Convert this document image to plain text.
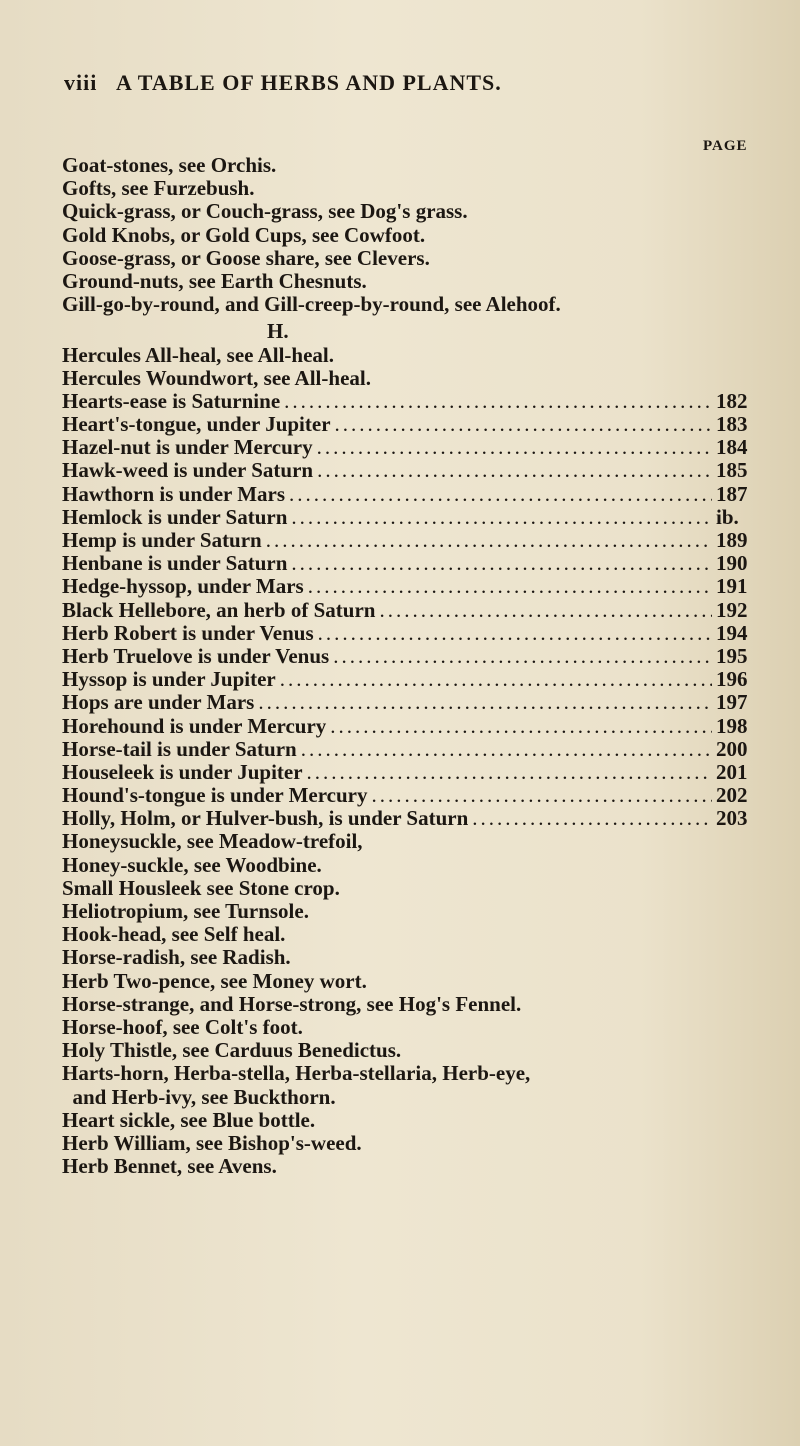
viii A TABLE OF HERBS AND PLANTS.
PAGE
Goat-stones, see Orchis.
Gofts, see Furzebush.
Quick-grass, or Couch-grass, see Dog's grass.
Gold Knobs, or Gold Cups, see Cowfoot.
Goose-grass, or Goose share, see Clevers.
Ground-nuts, see Earth Chesnuts.
Gill-go-by-round, and Gill-creep-by-round, see Alehoof.
H.
Hercules All-heal, see All-heal.
Hercules Woundwort, see All-heal.
Hearts-ease is Saturnine .....	182
Heart's-tongue, under Jupiter .....	183
Hazel-nut is under Mercury .....	184
Hawk-weed is under Saturn .....	185
Hawthorn is under Mars .....	187
Hemlock is under Saturn .....	ib.
Hemp is under Saturn .....	189
Henbane is under Saturn .....	190
Hedge-hyssop, under Mars .....	191
Black Hellebore, an herb of Saturn .....	192
Herb Robert is under Venus .....	194
Herb Truelove is under Venus .....	195
Hyssop is under Jupiter .....	196
Hops are under Mars .....	197
Horehound is under Mercury .....	198
Horse-tail is under Saturn .....	200
Houseleek is under Jupiter .....	201
Hound's-tongue is under Mercury .....	202
Holly, Holm, or Hulver-bush, is under Saturn .....	203
Honeysuckle, see Meadow-trefoil,
Honey-suckle, see Woodbine.
Small Housleek see Stone crop.
Heliotropium, see Turnsole.
Hook-head, see Self heal.
Horse-radish, see Radish.
Herb Two-pence, see Money wort.
Horse-strange, and Horse-strong, see Hog's Fennel.
Horse-hoof, see Colt's foot.
Holy Thistle, see Carduus Benedictus.
Harts-horn, Herba-stella, Herba-stellaria, Herb-eye,
and Herb-ivy, see Buckthorn.
Heart sickle, see Blue bottle.
Herb William, see Bishop's-weed.
Herb Bennet, see Avens.
